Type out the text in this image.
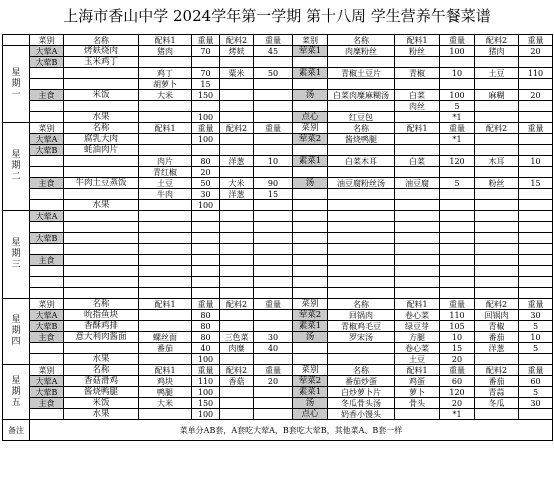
上海市香山中学 2024学年第一学期 第十八周 学生营养午餐菜谱
	菜别	名称	配料1	重量	配料2	重量	菜别	名称	配料1	重量	配料2	重量

星期一	大荤A	烤麸烧肉	猪肉	70	烤麸	45	荤菜1	肉糜粉丝	粉丝	100	猪肉	20
	大荤B	玉米鸡丁										
			鸡丁	70	粟米	50	素菜1	青椒土豆片	青椒	10	土豆	110
			胡萝卜	15								
	主食	米饭	大米	150			汤	白菜肉糜麻糊汤	白菜	100	麻糊	20
									肉丝	5		
		水果		100			点心	红豆包		*1		

星期二	菜别	名称	配料1	重量	配料2	重量	菜别	名称	配料1	重量	配料2	重量
	大荤A	腐乳大肉		100			荤菜2	酱烧鸭腿		*1		
	大荤B	蚝油肉片										
			肉片	80	洋葱	10	素菜1	白菜木耳	白菜	120	木耳	10
			青红椒	20								
	主食	牛肉土豆蒸饭	土豆	50	大米	90	汤	油豆腐粉丝汤	油豆腐	5	粉丝	15
			牛肉	30	洋葱	15						
		水果		100								

星期三	大荤A											

	大荤B											

	主食											

星期四	菜别	名称	配料1	重量	配料2	重量	菜别	名称	配料1	重量	配料2	重量
	大荤A	吮指鱼块		80			荤菜2	回锅肉	卷心菜	110	回锅肉	30
	大荤B	香酥鸡排		80			素菜1	青椒鸡毛豆	绿豆芽	105	青椒	5
	主食	意大利肉酱面	螺丝面	80	三色菜	30	汤	罗宋汤	方腿	10	番茄	10
			番茄	40	肉糜	40			卷心菜	15	洋葱	5
		水果		100					土豆	20		

星期五	菜别	名称	配料1	重量	配料2	重量	菜别	名称	配料1	重量	配料2	重量
	大荤A	香菇滑鸡	鸡块	110	香菇	20	荤菜2	番茄炒蛋	鸡蛋	60	番茄	60
	大荤B	酱烧鸭腿	鸭腿	100			素菜1	白炒萝卜片	萝卜	120	青蒜	5
	主食	米饭	大米	150			汤	冬瓜骨头汤	骨头	20	冬瓜	30
		水果		100			点心	奶香小馒头		*1		
备注	菜单分AB套，A套吃大荤A，B套吃大荤B，其他菜A、B套一样											
